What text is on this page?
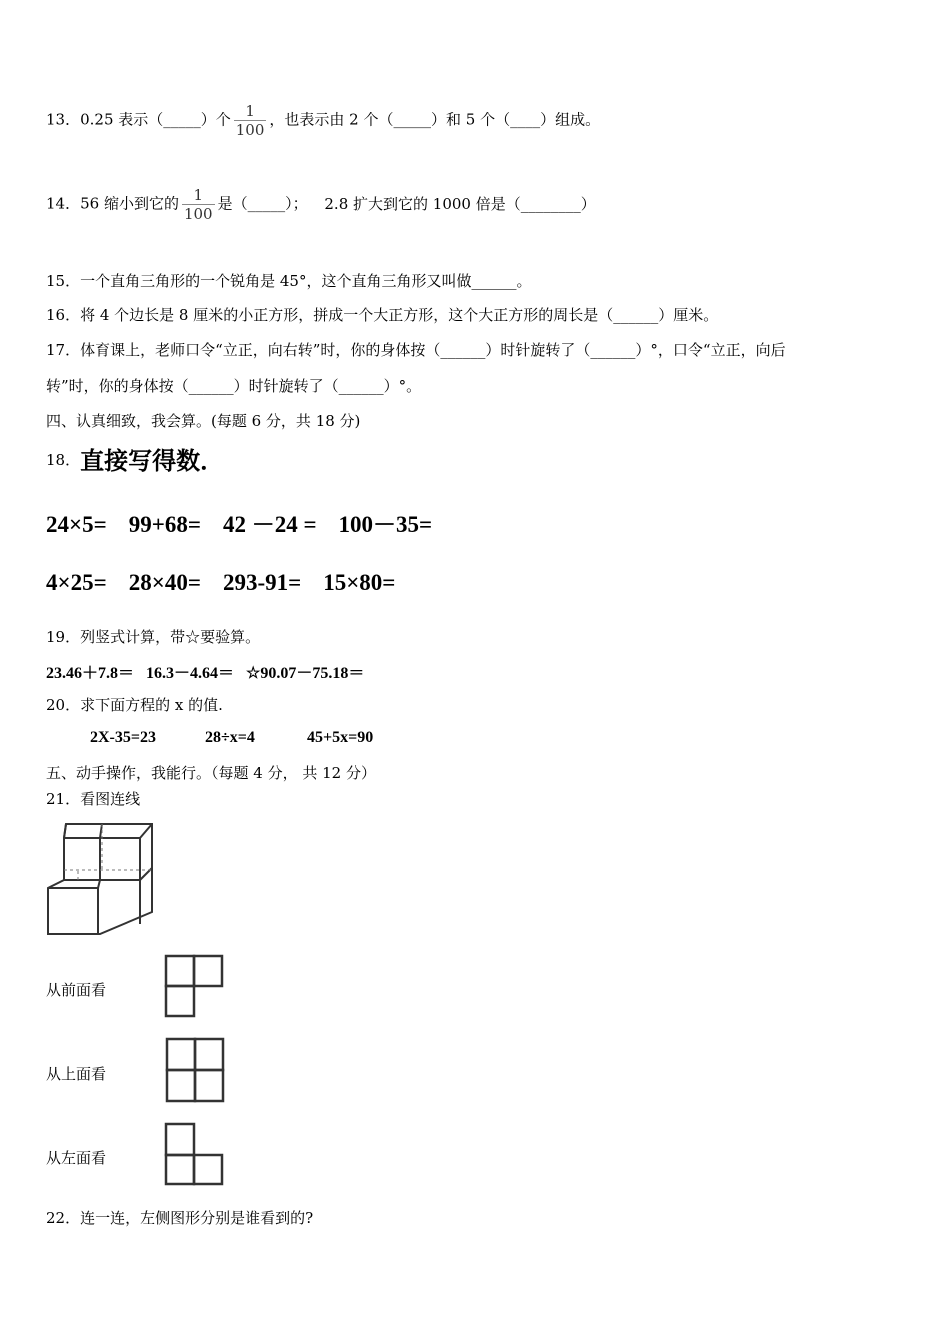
13．0.25 表示（_____）个 $\frac{1}{100}$ ，也表示由 2 个（_____）和 5 个（____）组成。
14．56 缩小到它的 $\frac{1}{100}$ 是（_____）； 2.8 扩大到它的 1000 倍是（________）
15．一个直角三角形的一个锐角是 45°，这个直角三角形又叫做______。
16．将 4 个边长是 8 厘米的小正方形，拼成一个大正方形，这个大正方形的周长是（______）厘米。
17．体育课上，老师口令“立正，向右转”时，你的身体按（______）时针旋转了（______）°，口令“立正，向后
转”时，你的身体按（______）时针旋转了（______）°。
四、认真细致，我会算。(每题 6 分，共 18 分)
18．直接写得数．
24×5= 99+68= 42 －24 = 100－35=
4×25= 28×40= 293-91= 15×80=
19．列竖式计算，带☆要验算。
23.46＋7.8＝ 16.3－4.64＝ ☆90.07－75.18＝
20．求下面方程的 x 的值.
2X-35=23	28÷x=4	45+5x=90
五、动手操作，我能行。（每题 4 分， 共 12 分）
21．看图连线
从前面看
从上面看
从左面看
22．连一连，左侧图形分别是谁看到的?
